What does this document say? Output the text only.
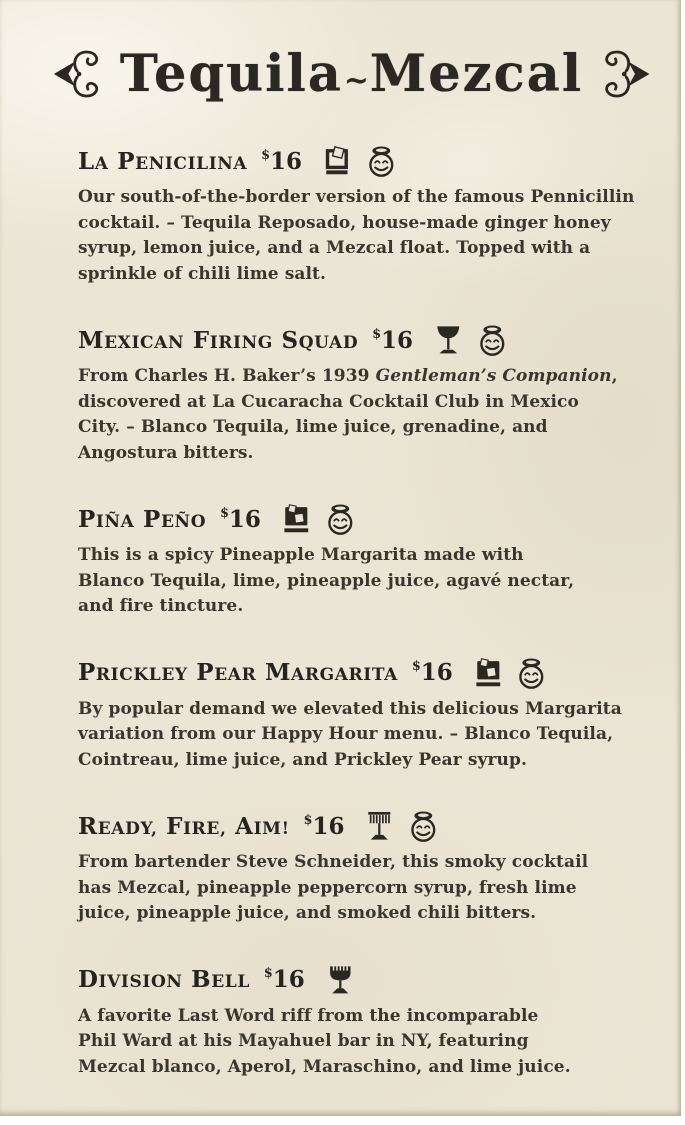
Tequila~Mezcal
LA PENICILINA $16

Our south-of-the-border version of the famous Pennicillin
cocktail. – Tequila Reposado, house-made ginger honey
syrup, lemon juice, and a Mezcal float. Topped with a
sprinkle of chili lime salt.

MEXICAN FIRING SQUAD $16

From Charles H. Baker’s 1939 Gentleman’s Companion,
discovered at La Cucaracha Cocktail Club in Mexico
City. – Blanco Tequila, lime juice, grenadine, and
Angostura bitters.

PIÑA PEÑO $16

This is a spicy Pineapple Margarita made with
Blanco Tequila, lime, pineapple juice, agavé nectar,
and fire tincture.

PRICKLEY PEAR MARGARITA $16

By popular demand we elevated this delicious Margarita
variation from our Happy Hour menu. – Blanco Tequila,
Cointreau, lime juice, and Prickley Pear syrup.

READY, FIRE, AIM! $16

From bartender Steve Schneider, this smoky cocktail
has Mezcal, pineapple peppercorn syrup, fresh lime
juice, pineapple juice, and smoked chili bitters.

DIVISION BELL $16

A favorite Last Word riff from the incomparable
Phil Ward at his Mayahuel bar in NY, featuring
Mezcal blanco, Aperol, Maraschino, and lime juice.
